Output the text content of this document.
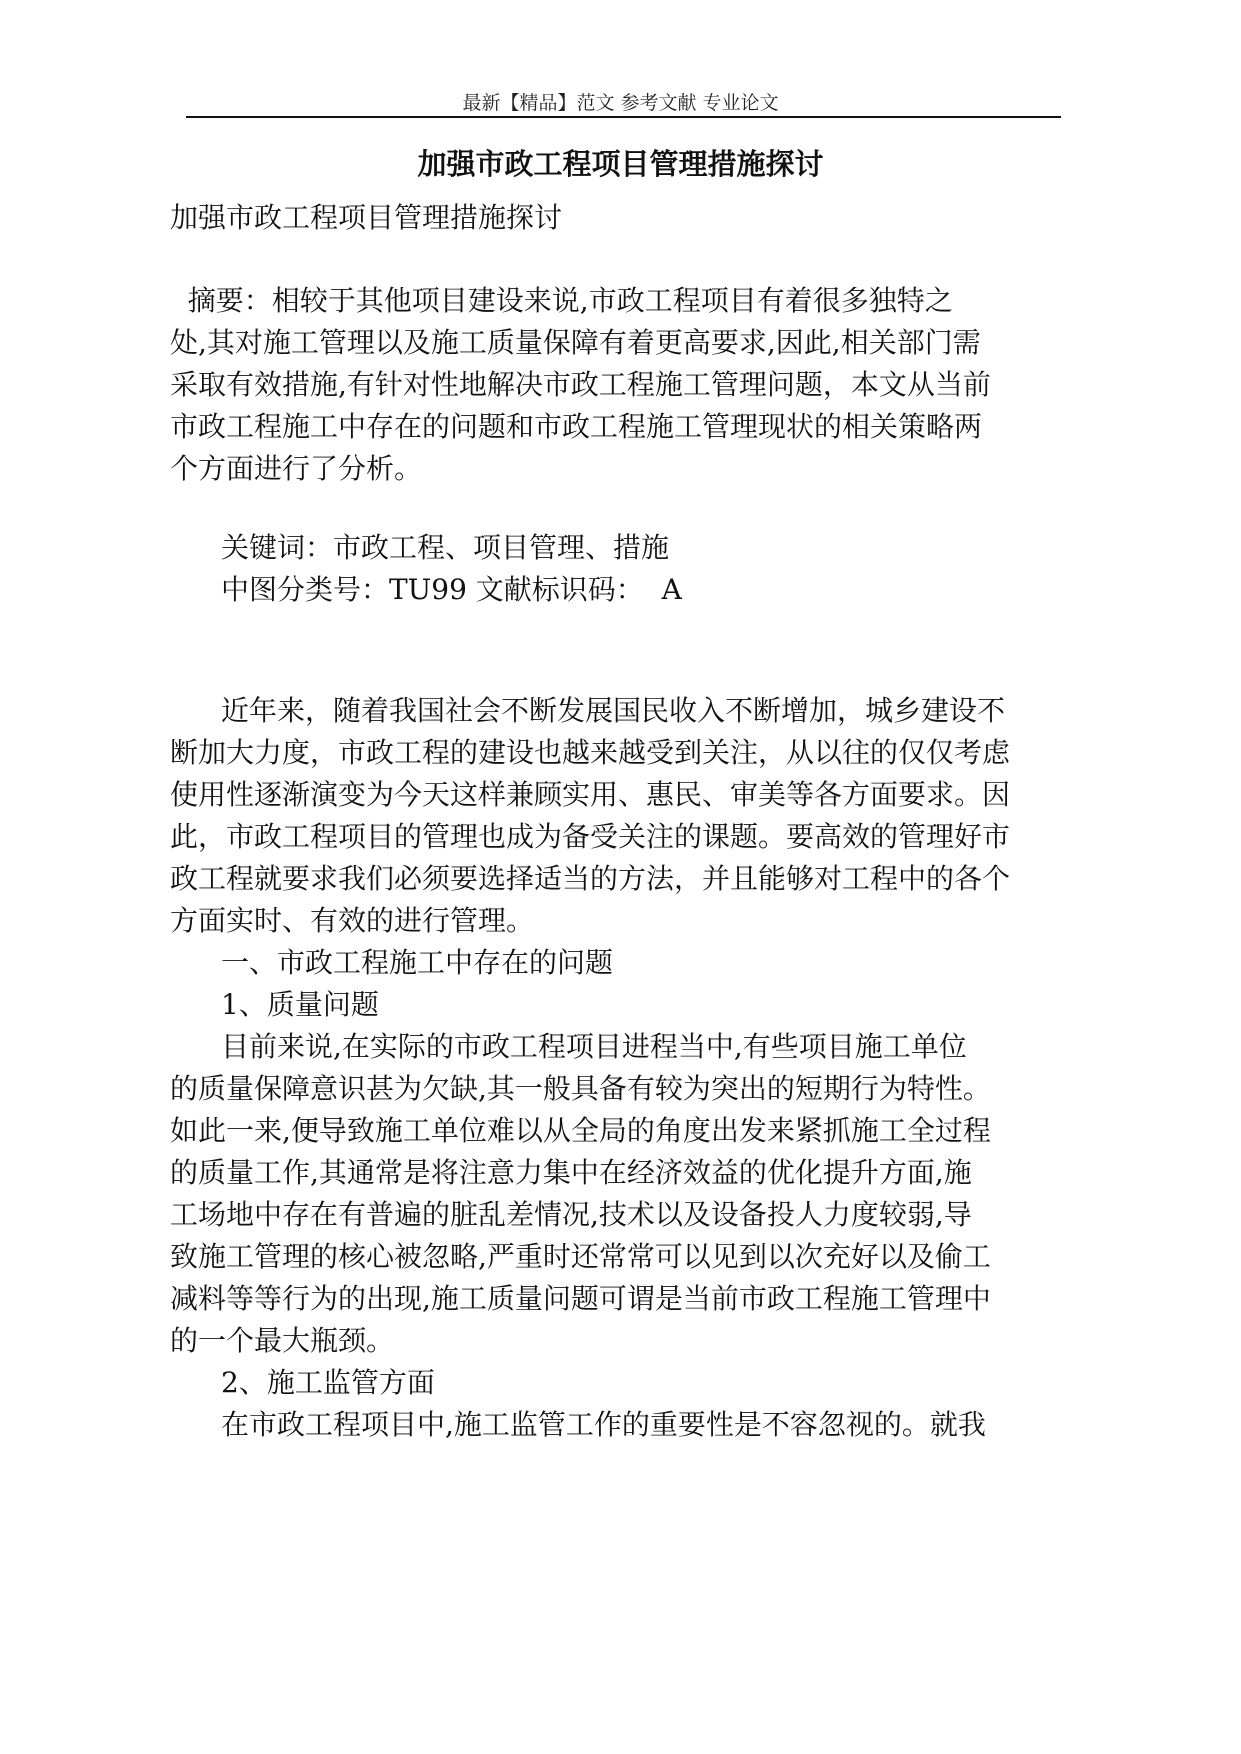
最新【精品】范文 参考文献 专业论文
加强市政工程项目管理措施探讨
加强市政工程项目管理措施探讨
摘要：相较于其他项目建设来说,市政工程项目有着很多独特之
处,其对施工管理以及施工质量保障有着更高要求,因此,相关部门需
采取有效措施,有针对性地解决市政工程施工管理问题，本文从当前
市政工程施工中存在的问题和市政工程施工管理现状的相关策略两
个方面进行了分析。
关键词：市政工程、项目管理、措施
中图分类号：TU99 文献标识码：  A
近年来，随着我国社会不断发展国民收入不断增加，城乡建设不
断加大力度，市政工程的建设也越来越受到关注，从以往的仅仅考虑
使用性逐渐演变为今天这样兼顾实用、惠民、审美等各方面要求。因
此，市政工程项目的管理也成为备受关注的课题。要高效的管理好市
政工程就要求我们必须要选择适当的方法，并且能够对工程中的各个
方面实时、有效的进行管理。
一、市政工程施工中存在的问题
1、质量问题
目前来说,在实际的市政工程项目进程当中,有些项目施工单位
的质量保障意识甚为欠缺,其一般具备有较为突出的短期行为特性。
如此一来,便导致施工单位难以从全局的角度出发来紧抓施工全过程
的质量工作,其通常是将注意力集中在经济效益的优化提升方面,施
工场地中存在有普遍的脏乱差情况,技术以及设备投人力度较弱,导
致施工管理的核心被忽略,严重时还常常可以见到以次充好以及偷工
减料等等行为的出现,施工质量问题可谓是当前市政工程施工管理中
的一个最大瓶颈。
2、施工监管方面
在市政工程项目中,施工监管工作的重要性是不容忽视的。就我
